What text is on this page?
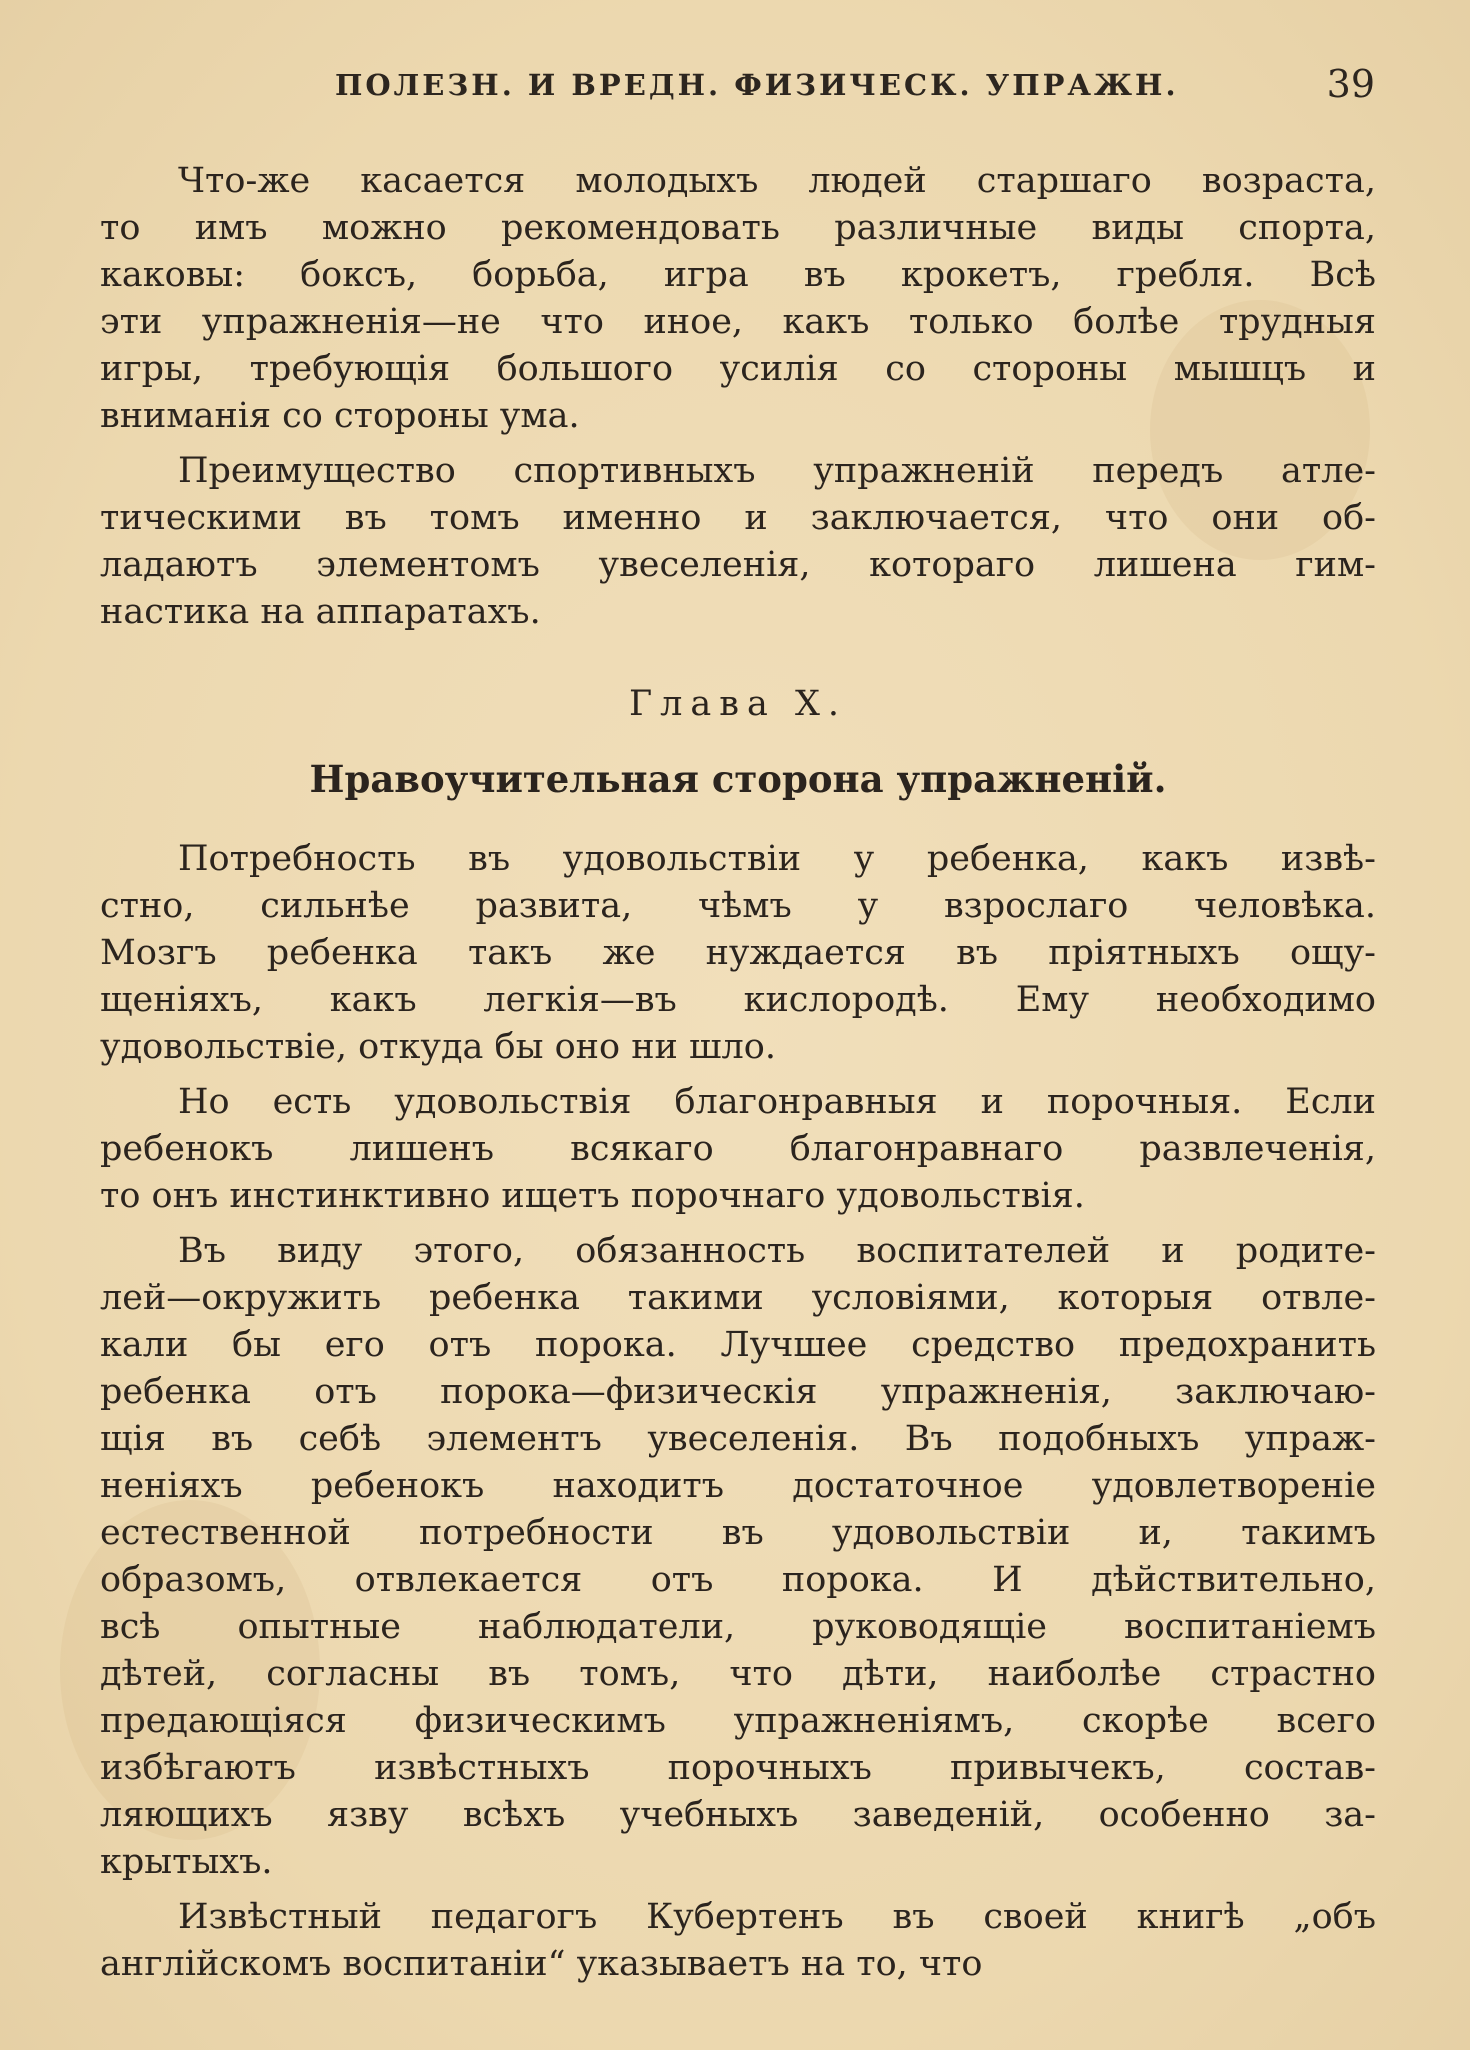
ПОЛЕЗН. И ВРЕДН. ФИЗИЧЕСК. УПРАЖН.	39
Что-же касается молодыхъ людей старшаго возраста,
то имъ можно рекомендовать различные виды спорта,
каковы: боксъ, борьба, игра въ крокетъ, гребля. Всѣ
эти упражненія—не что иное, какъ только болѣе трудныя
игры, требующія большого усилія со стороны мышцъ и
вниманія со стороны ума.
Преимущество спортивныхъ упражненій передъ атле-
тическими въ томъ именно и заключается, что они об-
ладаютъ элементомъ увеселенія, котораго лишена гим-
настика на аппаратахъ.
Глава X.
Нравоучительная сторона упражненій.
Потребность въ удовольствіи у ребенка, какъ извѣ-
стно, сильнѣе развита, чѣмъ у взрослаго человѣка.
Мозгъ ребенка такъ же нуждается въ пріятныхъ ощу-
щеніяхъ, какъ легкія—въ кислородѣ. Ему необходимо
удовольствіе, откуда бы оно ни шло.
Но есть удовольствія благонравныя и порочныя. Если
ребенокъ лишенъ всякаго благонравнаго развлеченія,
то онъ инстинктивно ищетъ порочнаго удовольствія.
Въ виду этого, обязанность воспитателей и родите-
лей—окружить ребенка такими условіями, которыя отвле-
кали бы его отъ порока. Лучшее средство предохранить
ребенка отъ порока—физическія упражненія, заключаю-
щія въ себѣ элементъ увеселенія. Въ подобныхъ упраж-
неніяхъ ребенокъ находитъ достаточное удовлетвореніе
естественной потребности въ удовольствіи и, такимъ
образомъ, отвлекается отъ порока. И дѣйствительно,
всѣ опытные наблюдатели, руководящіе воспитаніемъ
дѣтей, согласны въ томъ, что дѣти, наиболѣе страстно
предающіяся физическимъ упражненіямъ, скорѣе всего
избѣгаютъ извѣстныхъ порочныхъ привычекъ, состав-
ляющихъ язву всѣхъ учебныхъ заведеній, особенно за-
крытыхъ.
Извѣстный педагогъ Кубертенъ въ своей книгѣ „объ
англійскомъ воспитаніи“ указываетъ на то, что
